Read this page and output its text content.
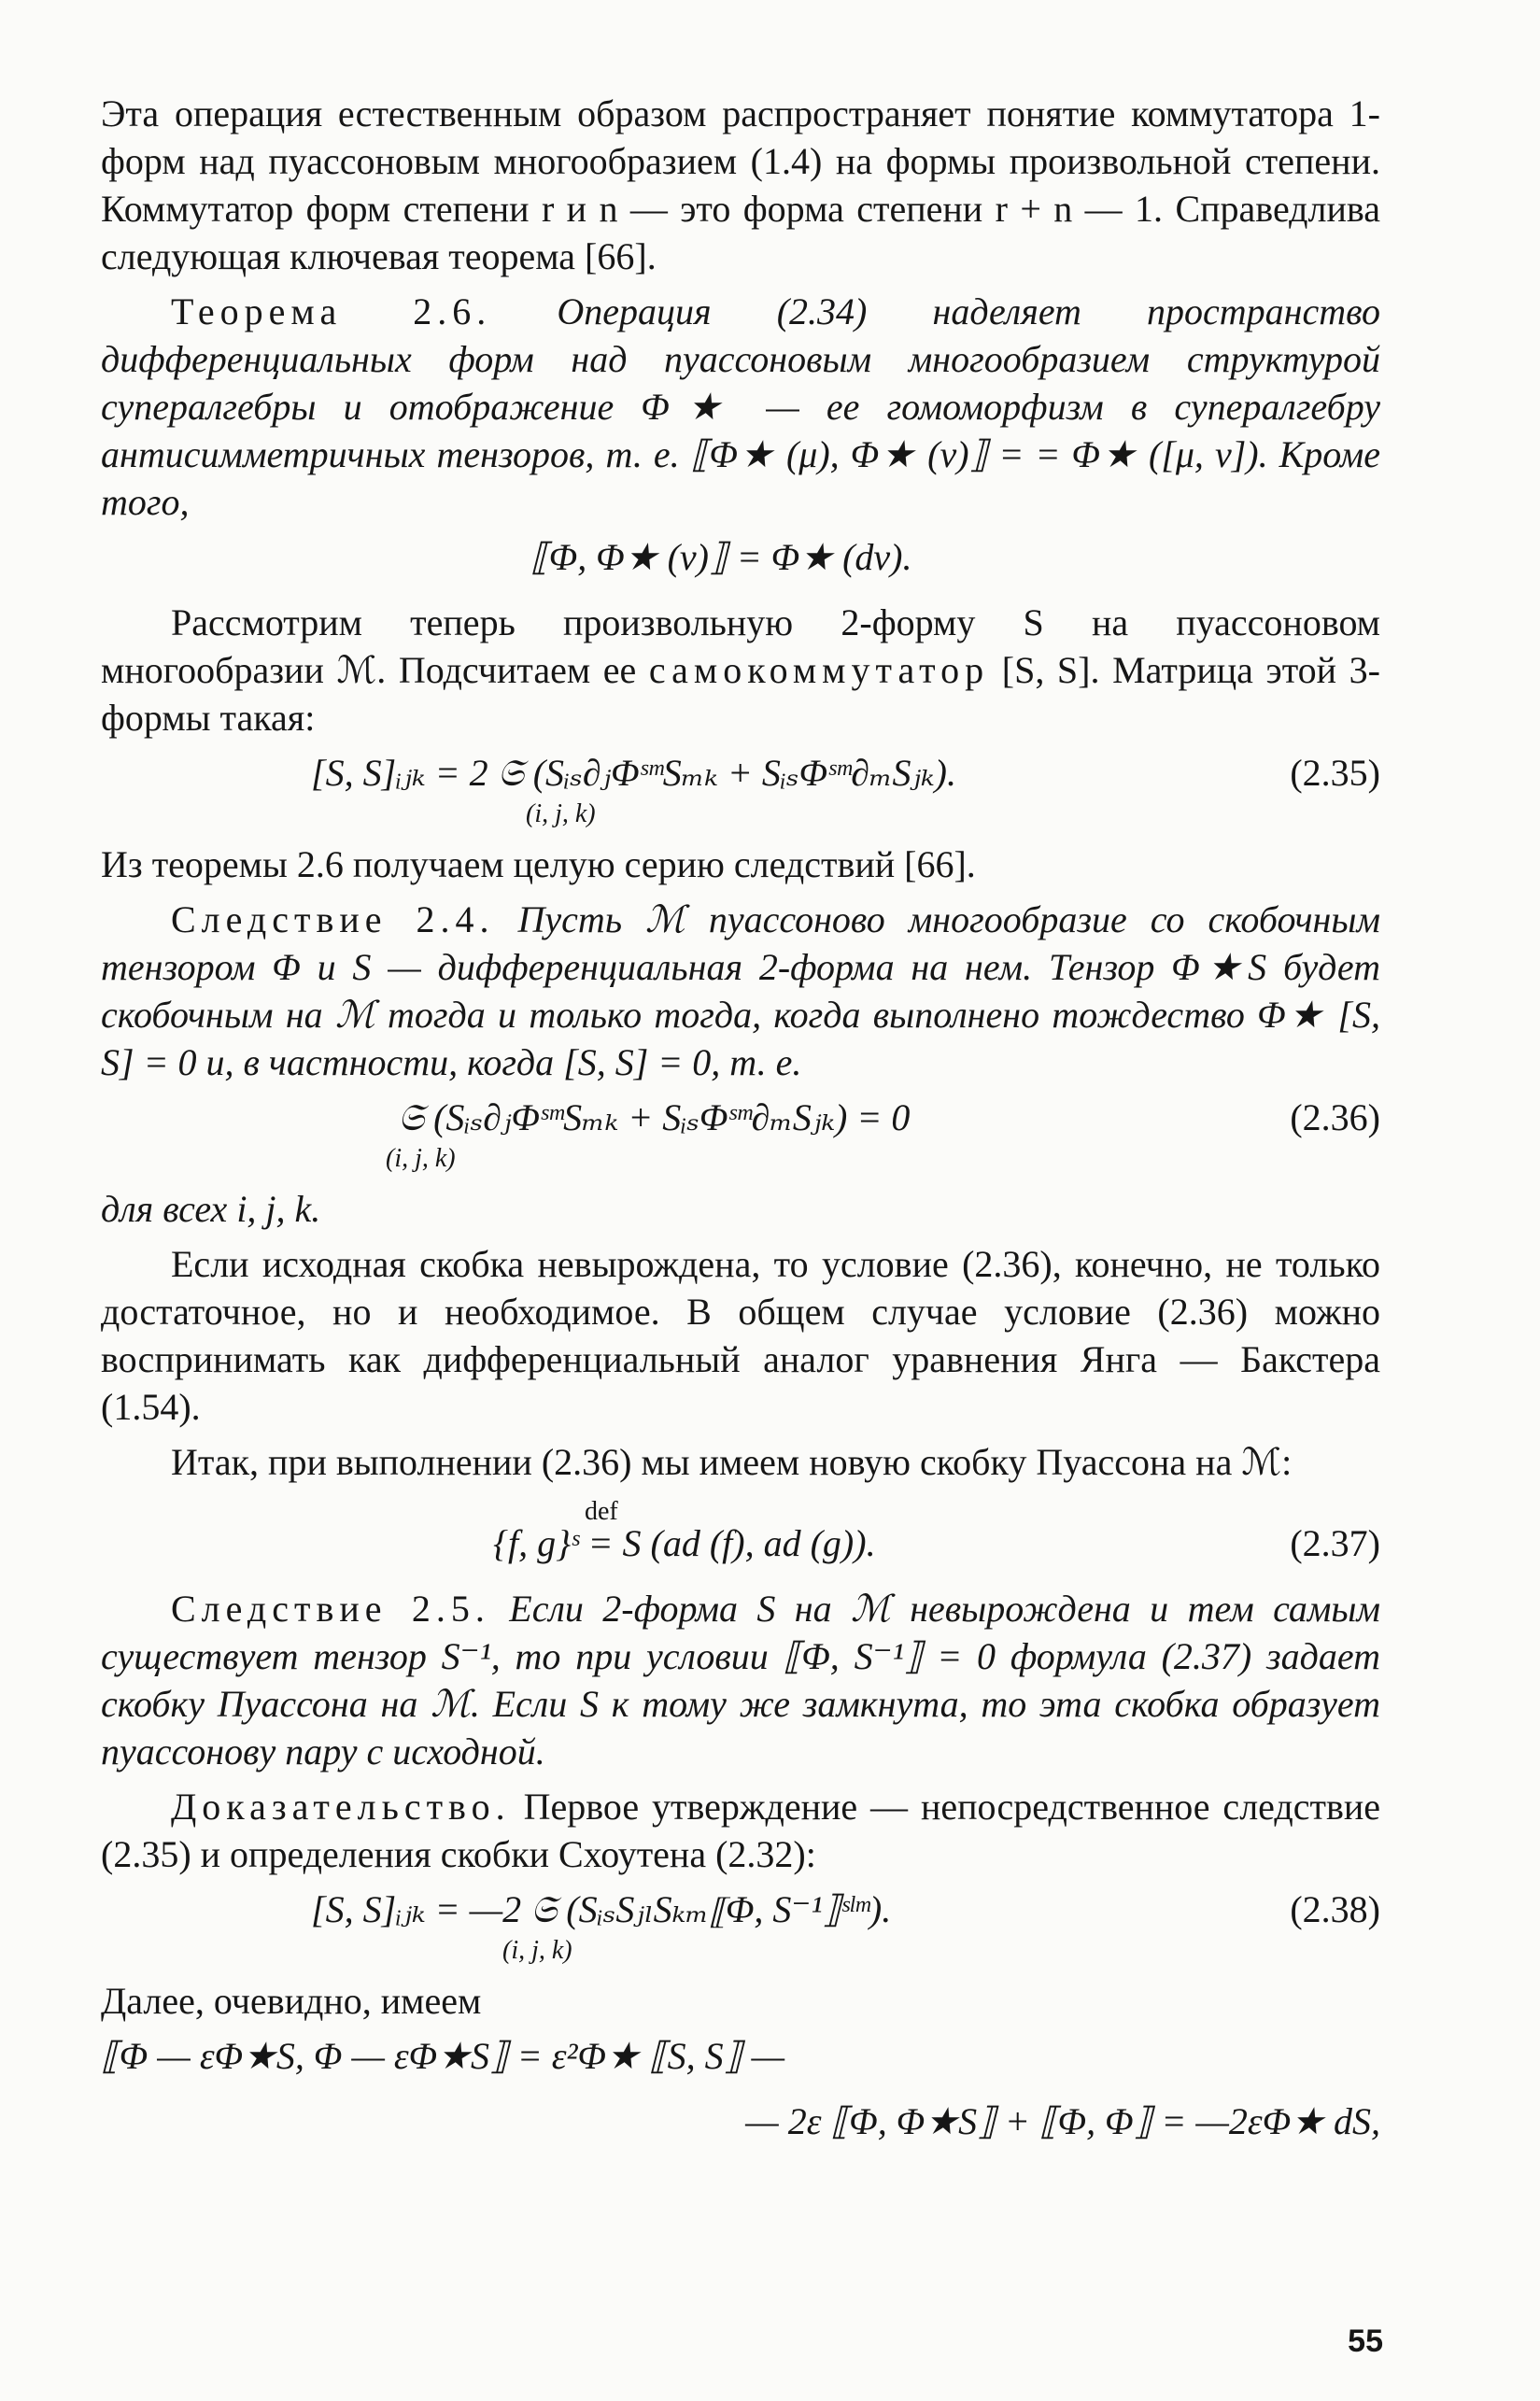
Эта операция естественным образом распространяет понятие коммутатора 1-форм над пуассоновым многообразием (1.4) на формы произвольной степени. Коммутатор форм степени r и n — это форма степени r + n — 1. Справедлива следующая ключевая теорема [66].

Теорема 2.6. Операция (2.34) наделяет пространство дифференциальных форм над пуассоновым многообразием структурой супералгебры и отображение Φ★ — ее гомоморфизм в супералгебру антисимметричных тензоров, т. е. ⟦Φ★ (μ), Φ★ (ν)⟧ = = Φ★ ([μ, ν]). Кроме того,

⟦Φ, Φ★ (ν)⟧ = Φ★ (dν).

Рассмотрим теперь произвольную 2-форму S на пуассоновом многообразии ℳ. Подсчитаем ее самокоммутатор [S, S]. Матрица этой 3-формы такая:

[S, S]ᵢⱼₖ = 2 𝔖 (Sᵢₛ∂ⱼΦˢᵐSₘₖ + SᵢₛΦˢᵐ∂ₘSⱼₖ).
(i, j, k)
(2.35)

Из теоремы 2.6 получаем целую серию следствий [66].

Следствие 2.4. Пусть ℳ пуассоново многообразие со скобочным тензором Φ и S — дифференциальная 2-форма на нем. Тензор Φ★S будет скобочным на ℳ тогда и только тогда, когда выполнено тождество Φ★ [S, S] = 0 и, в частности, когда [S, S] = 0, т. е.

𝔖 (Sᵢₛ∂ⱼΦˢᵐSₘₖ + SᵢₛΦˢᵐ∂ₘSⱼₖ) = 0
(i, j, k)
(2.36)

для всех i, j, k.

Если исходная скобка невырождена, то условие (2.36), конечно, не только достаточное, но и необходимое. В общем случае условие (2.36) можно воспринимать как дифференциальный аналог уравнения Янга — Бакстера (1.54).

Итак, при выполнении (2.36) мы имеем новую скобку Пуассона на ℳ:

def
{f, g}ˢ = S (ad (f), ad (g)).	(2.37)

Следствие 2.5. Если 2-форма S на ℳ невырождена и тем самым существует тензор S⁻¹, то при условии ⟦Φ, S⁻¹⟧ = 0 формула (2.37) задает скобку Пуассона на ℳ. Если S к тому же замкнута, то эта скобка образует пуассонову пару с исходной.

Доказательство. Первое утверждение — непосредственное следствие (2.35) и определения скобки Схоутена (2.32):

[S, S]ᵢⱼₖ = —2 𝔖 (SᵢₛSⱼₗSₖₘ⟦Φ, S⁻¹⟧ˢˡᵐ).
(i, j, k)
(2.38)

Далее, очевидно, имеем

⟦Φ — εΦ★S, Φ — εΦ★S⟧ = ε²Φ★ ⟦S, S⟧ —
— 2ε ⟦Φ, Φ★S⟧ + ⟦Φ, Φ⟧ = —2εΦ★ dS,
55
